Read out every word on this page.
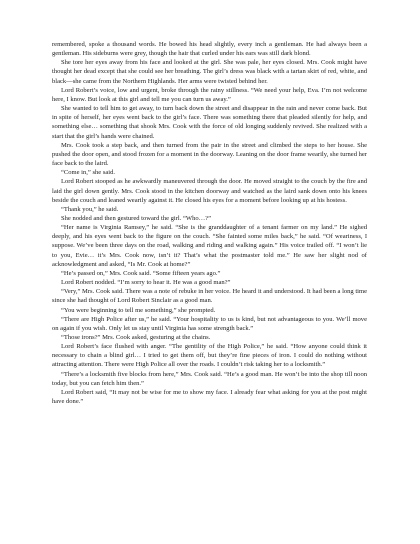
remembered, spoke a thousand words. He bowed his head slightly, every inch a gentleman. He had always been a gentleman. His sideburns were grey, though the hair that curled under his ears was still dark blond.

She tore her eyes away from his face and looked at the girl. She was pale, her eyes closed. Mrs. Cook might have thought her dead except that she could see her breathing. The girl’s dress was black with a tartan skirt of red, white, and black—she came from the Northern Highlands. Her arms were twisted behind her.

Lord Robert’s voice, low and urgent, broke through the rainy stillness. “We need your help, Eva. I’m not welcome here, I know. But look at this girl and tell me you can turn us away.”

She wanted to tell him to get away, to turn back down the street and disappear in the rain and never come back. But in spite of herself, her eyes went back to the girl’s face. There was something there that pleaded silently for help, and something else… something that shook Mrs. Cook with the force of old longing suddenly revived. She realized with a start that the girl’s hands were chained.

Mrs. Cook took a step back, and then turned from the pair in the street and climbed the steps to her house. She pushed the door open, and stood frozen for a moment in the doorway. Leaning on the door frame wearily, she turned her face back to the laird.

“Come in,” she said.

Lord Robert stooped as he awkwardly maneuvered through the door. He moved straight to the couch by the fire and laid the girl down gently. Mrs. Cook stood in the kitchen doorway and watched as the laird sank down onto his knees beside the couch and leaned wearily against it. He closed his eyes for a moment before looking up at his hostess.

“Thank you,” he said.

She nodded and then gestured toward the girl. “Who…?”

“Her name is Virginia Ramsey,” he said. “She is the granddaughter of a tenant farmer on my land.” He sighed deeply, and his eyes went back to the figure on the couch. “She fainted some miles back,” he said. “Of weariness, I suppose. We’ve been three days on the road, walking and riding and walking again.” His voice trailed off. “I won’t lie to you, Evie… it’s Mrs. Cook now, isn’t it? That’s what the postmaster told me.” He saw her slight nod of acknowledgment and asked, “Is Mr. Cook at home?”

“He’s passed on,” Mrs. Cook said. “Some fifteen years ago.”

Lord Robert nodded. “I’m sorry to hear it. He was a good man?”

“Very,” Mrs. Cook said. There was a note of rebuke in her voice. He heard it and understood. It had been a long time since she had thought of Lord Robert Sinclair as a good man.

“You were beginning to tell me something,” she prompted.

“There are High Police after us,” he said. “Your hospitality to us is kind, but not advantageous to you. We’ll move on again if you wish. Only let us stay until Virginia has some strength back.”

“Those irons?” Mrs. Cook asked, gesturing at the chains.

Lord Robert’s face flushed with anger. “The gentility of the High Police,” he said. “How anyone could think it necessary to chain a blind girl… I tried to get them off, but they’re fine pieces of iron. I could do nothing without attracting attention. There were High Police all over the roads. I couldn’t risk taking her to a locksmith.”

“There’s a locksmith five blocks from here,” Mrs. Cook said. “He’s a good man. He won’t be into the shop till noon today, but you can fetch him then.”

Lord Robert said, “It may not be wise for me to show my face. I already fear what asking for you at the post might have done.”
